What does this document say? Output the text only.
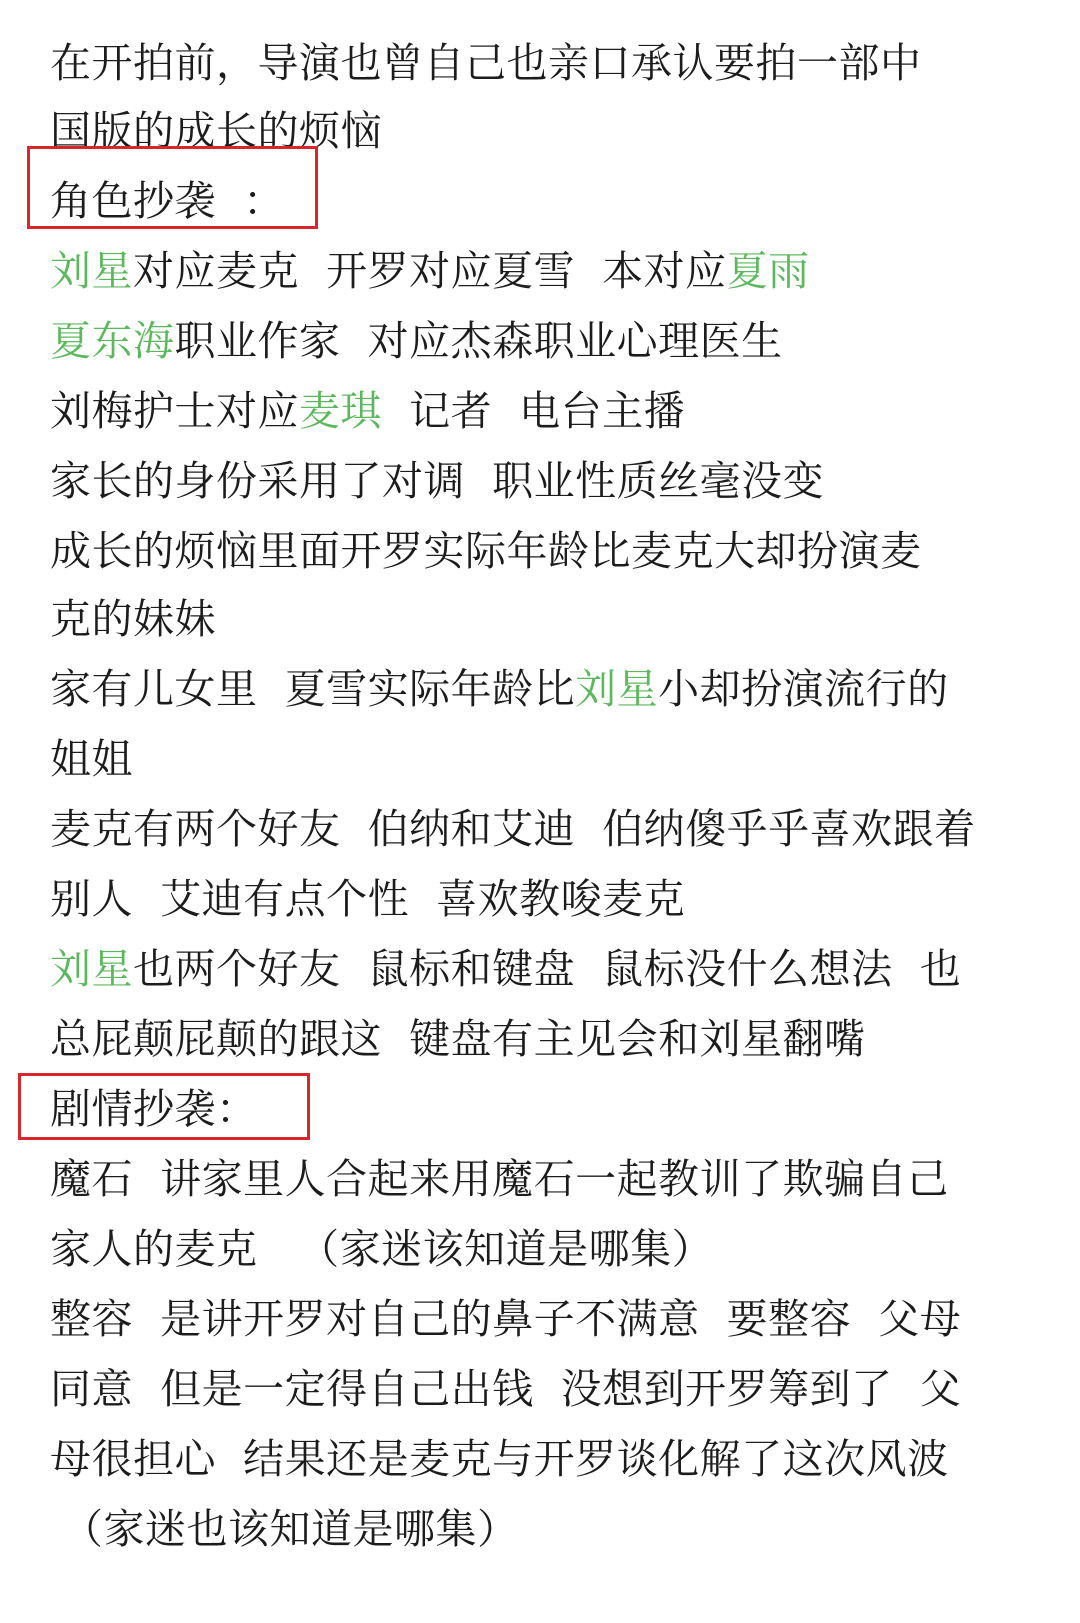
在开拍前，导演也曾自己也亲口承认要拍一部中
国版的成长的烦恼
角色抄袭  ：
刘星对应麦克  开罗对应夏雪  本对应夏雨
夏东海职业作家  对应杰森职业心理医生
刘梅护士对应麦琪  记者  电台主播
家长的身份采用了对调  职业性质丝毫没变
成长的烦恼里面开罗实际年龄比麦克大却扮演麦
克的妹妹
家有儿女里  夏雪实际年龄比刘星小却扮演流行的
姐姐
麦克有两个好友  伯纳和艾迪  伯纳傻乎乎喜欢跟着
别人  艾迪有点个性  喜欢教唆麦克
刘星也两个好友  鼠标和键盘  鼠标没什么想法  也
总屁颠屁颠的跟这  键盘有主见会和刘星翻嘴
剧情抄袭：
魔石  讲家里人合起来用魔石一起教训了欺骗自己
家人的麦克   （家迷该知道是哪集）
整容  是讲开罗对自己的鼻子不满意  要整容  父母
同意  但是一定得自己出钱  没想到开罗筹到了  父
母很担心  结果还是麦克与开罗谈化解了这次风波
（家迷也该知道是哪集）
